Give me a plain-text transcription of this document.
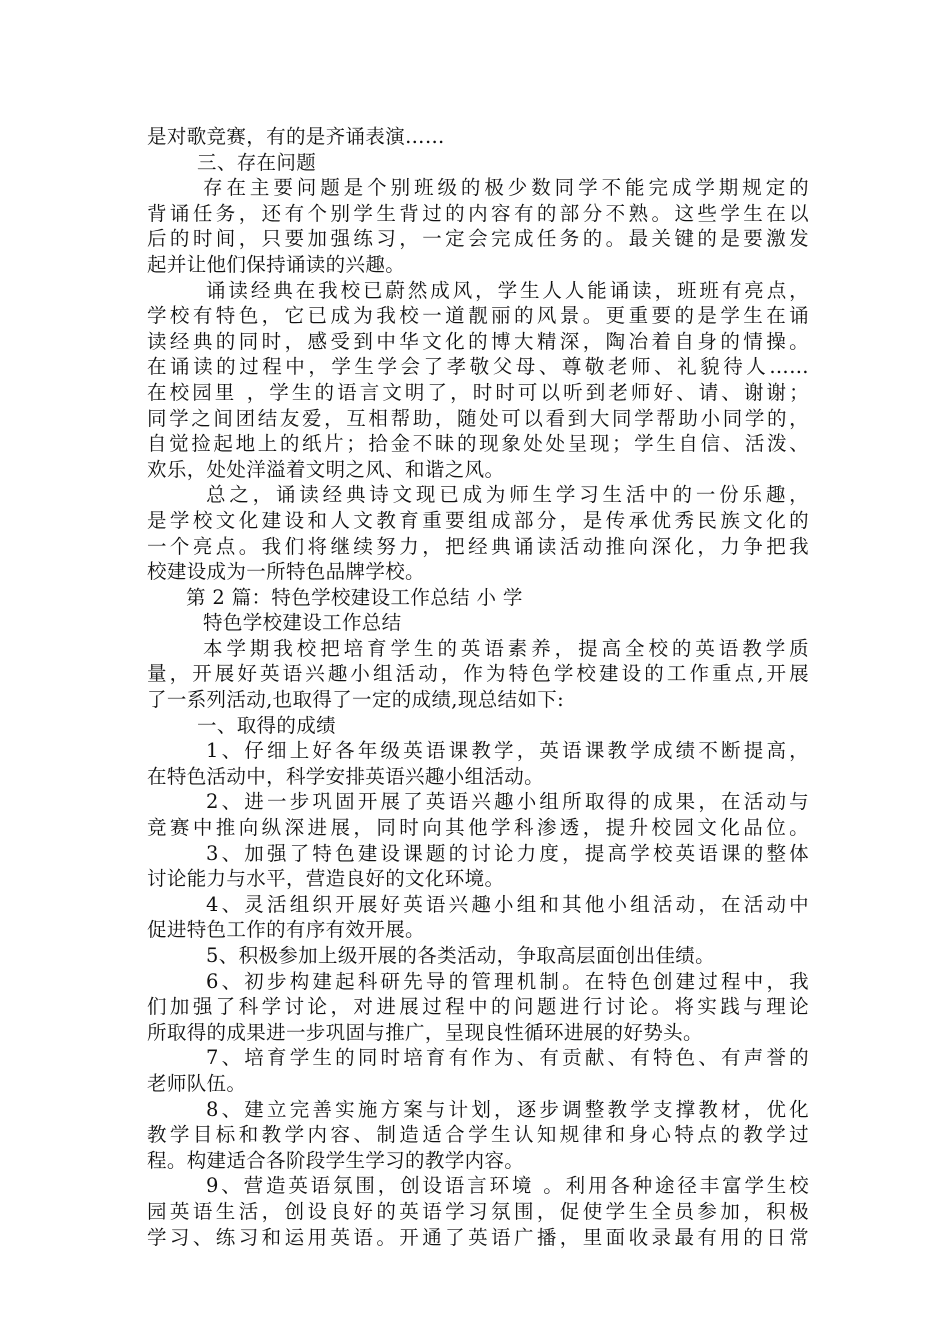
是对歌竞赛，有的是齐诵表演……
三、存在问题
存在主要问题是个别班级的极少数同学不能完成学期规定的
背诵任务，还有个别学生背过的内容有的部分不熟。这些学生在以
后的时间，只要加强练习，一定会完成任务的。最关键的是要激发
起并让他们保持诵读的兴趣。
诵读经典在我校已蔚然成风，学生人人能诵读，班班有亮点，
学校有特色，它已成为我校一道靓丽的风景。更重要的是学生在诵
读经典的同时，感受到中华文化的博大精深，陶冶着自身的情操。
在诵读的过程中，学生学会了孝敬父母、尊敬老师、礼貌待人……
在校园里 ，学生的语言文明了，时时可以听到老师好、请、谢谢；
同学之间团结友爱，互相帮助，随处可以看到大同学帮助小同学的，
自觉捡起地上的纸片；拾金不昧的现象处处呈现；学生自信、活泼、
欢乐，处处洋溢着文明之风、和谐之风。
总之，诵读经典诗文现已成为师生学习生活中的一份乐趣，
是学校文化建设和人文教育重要组成部分，是传承优秀民族文化的
一个亮点。我们将继续努力，把经典诵读活动推向深化，力争把我
校建设成为一所特色品牌学校。
第 2 篇：特色学校建设工作总结 小 学
特色学校建设工作总结
本学期我校把培育学生的英语素养，提高全校的英语教学质
量，开展好英语兴趣小组活动，作为特色学校建设的工作重点,开展
了一系列活动,也取得了一定的成绩,现总结如下:
一、取得的成绩
1、仔细上好各年级英语课教学，英语课教学成绩不断提高，
在特色活动中，科学安排英语兴趣小组活动。
2、进一步巩固开展了英语兴趣小组所取得的成果，在活动与
竞赛中推向纵深进展，同时向其他学科渗透，提升校园文化品位。
3、加强了特色建设课题的讨论力度，提高学校英语课的整体
讨论能力与水平，营造良好的文化环境。
4、灵活组织开展好英语兴趣小组和其他小组活动，在活动中
促进特色工作的有序有效开展。
5、积极参加上级开展的各类活动，争取高层面创出佳绩。
6、初步构建起科研先导的管理机制。在特色创建过程中，我
们加强了科学讨论，对进展过程中的问题进行讨论。将实践与理论
所取得的成果进一步巩固与推广，呈现良性循环进展的好势头。
7、培育学生的同时培育有作为、有贡献、有特色、有声誉的
老师队伍。
8、建立完善实施方案与计划，逐步调整教学支撑教材，优化
教学目标和教学内容、制造适合学生认知规律和身心特点的教学过
程。构建适合各阶段学生学习的教学内容。
9、营造英语氛围，创设语言环境 。利用各种途径丰富学生校
园英语生活，创设良好的英语学习氛围，促使学生全员参加，积极
学习、练习和运用英语。开通了英语广播，里面收录最有用的日常
